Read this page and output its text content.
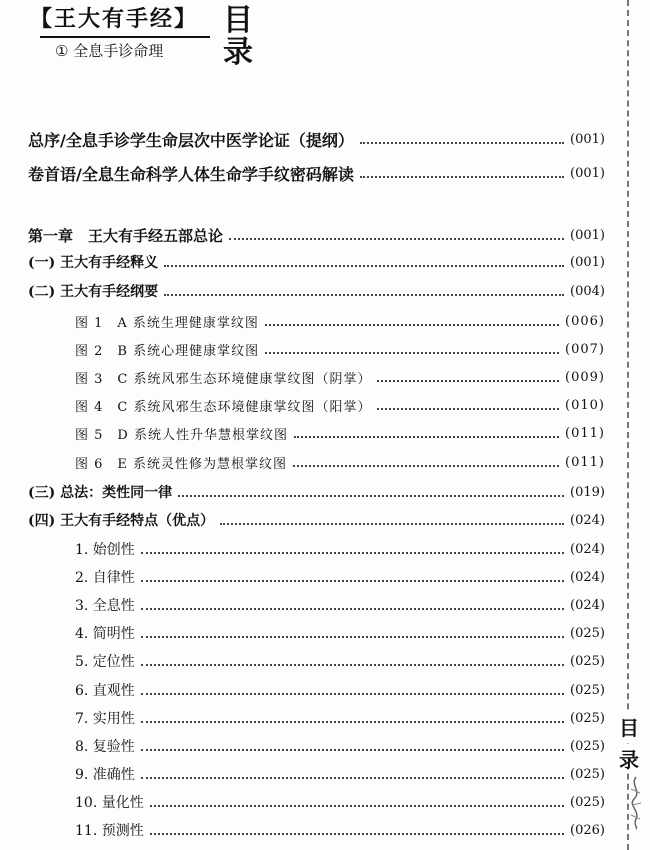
【王大有手经】
① 全息手诊命理
目
录
总序/全息手诊学生命层次中医学论证（提纲）	(001)
卷首语/全息生命科学人体生命学手纹密码解读	(001)
第一章　王大有手经五部总论	(001)
(一) 王大有手经释义	(001)
(二) 王大有手经纲要	(004)
图 1　A 系统生理健康掌纹图	(006)
图 2　B 系统心理健康掌纹图	(007)
图 3　C 系统风邪生态环境健康掌纹图（阴掌）	(009)
图 4　C 系统风邪生态环境健康掌纹图（阳掌）	(010)
图 5　D 系统人性升华慧根掌纹图	(011)
图 6　E 系统灵性修为慧根掌纹图	(011)
(三) 总法：类性同一律	(019)
(四) 王大有手经特点（优点）	(024)
1. 始创性	(024)
2. 自律性	(024)
3. 全息性	(024)
4. 简明性	(025)
5. 定位性	(025)
6. 直观性	(025)
7. 实用性	(025)
8. 复验性	(025)
9. 准确性	(025)
10. 量化性	(025)
11. 预测性	(026)
目
录
